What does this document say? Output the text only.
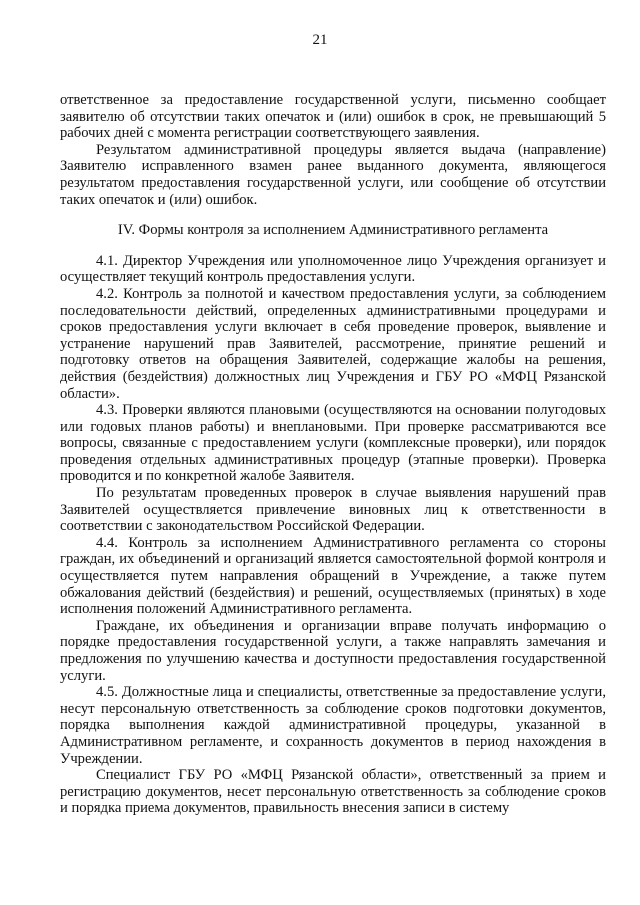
21

ответственное за предоставление государственной услуги, письменно сообщает заявителю об отсутствии таких опечаток и (или) ошибок в срок, не превышающий 5 рабочих дней с момента регистрации соответствующего заявления.

Результатом административной процедуры является выдача (направление) Заявителю исправленного взамен ранее выданного документа, являющегося результатом предоставления государственной услуги, или сообщение об отсутствии таких опечаток и (или) ошибок.

IV. Формы контроля за исполнением Административного регламента

4.1. Директор Учреждения или уполномоченное лицо Учреждения организует и осуществляет текущий контроль предоставления услуги.

4.2. Контроль за полнотой и качеством предоставления услуги, за соблюдением последовательности действий, определенных административными процедурами и сроков предоставления услуги включает в себя проведение проверок, выявление и устранение нарушений прав Заявителей, рассмотрение, принятие решений и подготовку ответов на обращения Заявителей, содержащие жалобы на решения, действия (бездействия) должностных лиц Учреждения и ГБУ РО «МФЦ Рязанской области».

4.3. Проверки являются плановыми (осуществляются на основании полугодовых или годовых планов работы) и внеплановыми. При проверке рассматриваются все вопросы, связанные с предоставлением услуги (комплексные проверки), или порядок проведения отдельных административных процедур (этапные проверки). Проверка проводится и по конкретной жалобе Заявителя.

По результатам проведенных проверок в случае выявления нарушений прав Заявителей осуществляется привлечение виновных лиц к ответственности в соответствии с законодательством Российской Федерации.

4.4. Контроль за исполнением Административного регламента со стороны граждан, их объединений и организаций является самостоятельной формой контроля и осуществляется путем направления обращений в Учреждение, а также путем обжалования действий (бездействия) и решений, осуществляемых (принятых) в ходе исполнения положений Административного регламента.

Граждане, их объединения и организации вправе получать информацию о порядке предоставления государственной услуги, а также направлять замечания и предложения по улучшению качества и доступности предоставления государственной услуги.

4.5. Должностные лица и специалисты, ответственные за предоставление услуги, несут персональную ответственность за соблюдение сроков подготовки документов, порядка выполнения каждой административной процедуры, указанной в Административном регламенте, и сохранность документов в период нахождения в Учреждении.

Специалист ГБУ РО «МФЦ Рязанской области», ответственный за прием и регистрацию документов, несет персональную ответственность за соблюдение сроков и порядка приема документов, правильность внесения записи в систему
